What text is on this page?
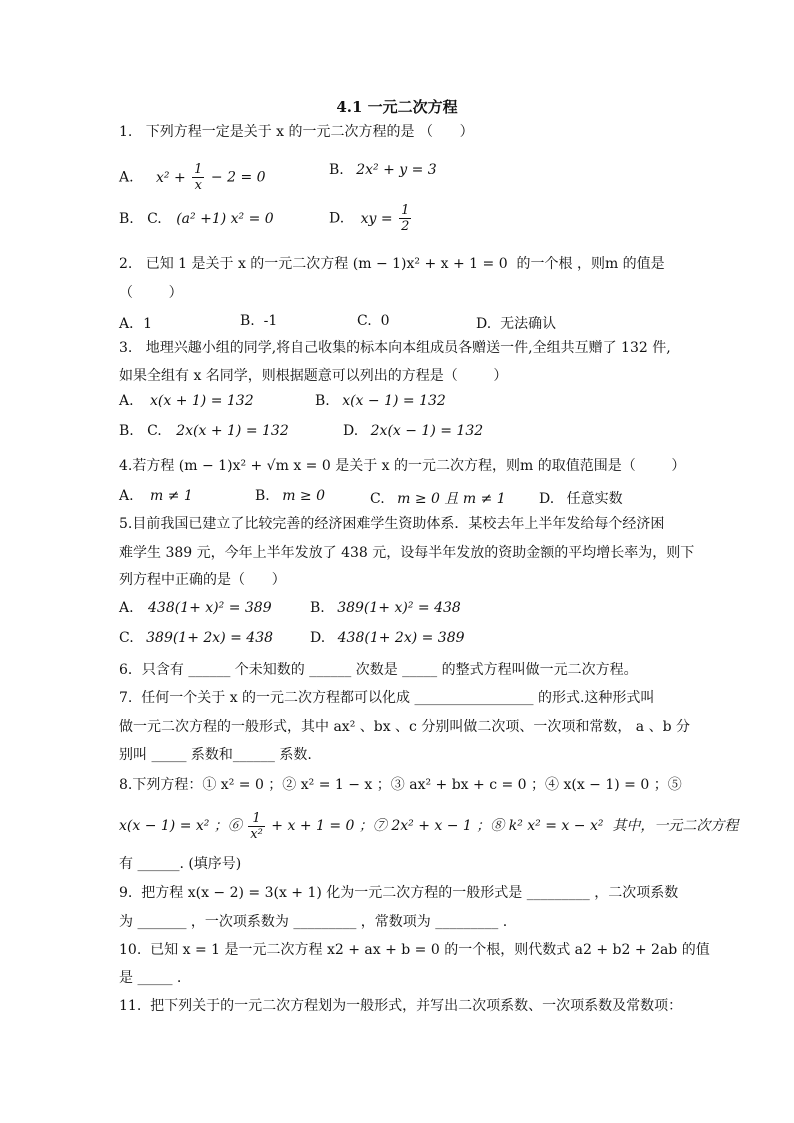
4.1 一元二次方程
1.   下列方程一定是关于 x 的一元二次方程的是 （      ）
A. $x^2 + \frac{1}{x} - 2 = 0$	B. 2x² + y = 3
B.   C. (a² +1) x² = 0	D. xy = $\frac{1}{2}$
2.   已知 1 是关于 x 的一元二次方程 (m − 1)x² + x + 1 = 0  的一个根 ，则m 的值是
（        ）
A．1	B.  -1	C.  0	D.  无法确认
3.   地理兴趣小组的同学,将自己收集的标本向本组成员各赠送一件,全组共互赠了 132 件,
如果全组有 x 名同学，则根据题意可以列出的方程是（        ）
A. x(x + 1) = 132	B. x(x − 1) = 132
B.   C. 2x(x + 1) = 132	D. 2x(x − 1) = 132
4.若方程 (m − 1)x² + √m x = 0 是关于 x 的一元二次方程，则m 的取值范围是（        ）
A. m ≠ 1	B. m ≥ 0	C. m ≥ 0 且 m ≠ 1 D. 任意实数
5.目前我国已建立了比较完善的经济困难学生资助体系．某校去年上半年发给每个经济困
难学生 389 元，今年上半年发放了 438 元，设每半年发放的资助金额的平均增长率为，则下
列方程中正确的是（      ）
A. 438(1+ x)² = 389	B. 389(1+ x)² = 438
C. 389(1+ 2x) = 438	D. 438(1+ 2x) = 389
6．只含有 ______ 个未知数的 ______ 次数是 _____ 的整式方程叫做一元二次方程。
7.  任何一个关于 x 的一元二次方程都可以化成 _________________ 的形式.这种形式叫
做一元二次方程的一般形式，其中 ax² 、bx 、c 分别叫做二次项、一次项和常数， a 、b 分
别叫 _____ 系数和______ 系数.
8.下列方程：① x² = 0 ；② x² = 1 − x ；③ ax² + bx + c = 0 ；④ x(x − 1) = 0 ；⑤
x(x − 1) = x² ；⑥ $\frac{1}{\text{x²}} + x + 1 = 0$ ；⑦ 2x² + x − 1 ；⑧ k² x² = x − x²  其中，一元二次方程
有 ______. (填序号)
9.  把方程 x(x − 2) = 3(x + 1) 化为一元二次方程的一般形式是 _________ ，二次项系数
为 _______ ，一次项系数为 _________ ，常数项为 _________ .
10.  已知 x = 1 是一元二次方程 x2 + ax + b = 0 的一个根，则代数式 a2 + b2 + 2ab 的值
是 _____ .
11.  把下列关于的一元二次方程划为一般形式，并写出二次项系数、一次项系数及常数项：
